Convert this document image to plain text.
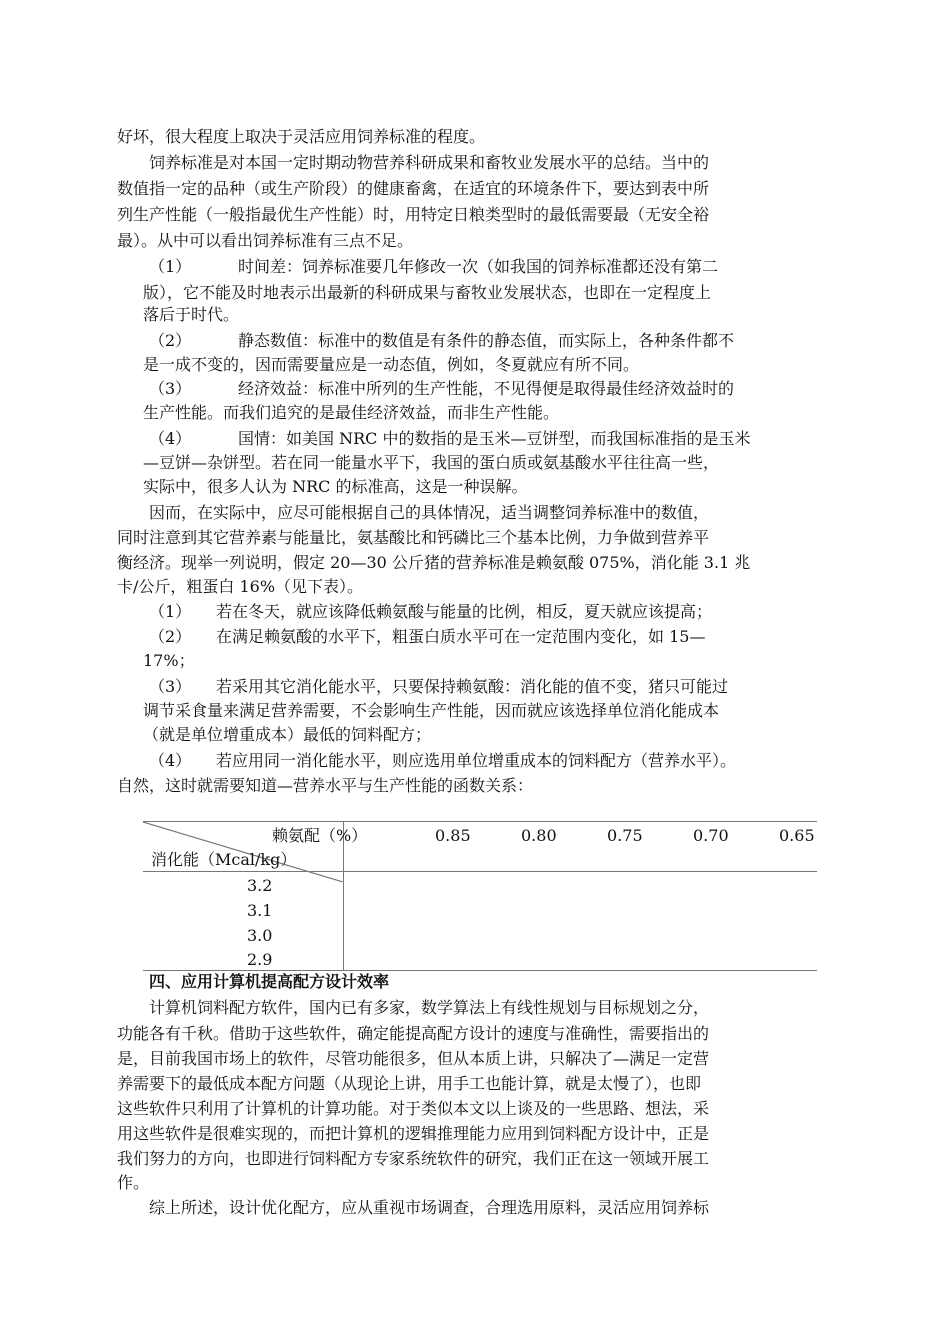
好坏，很大程度上取决于灵活应用饲养标准的程度。
饲养标准是对本国一定时期动物营养科研成果和畜牧业发展水平的总结。当中的
数值指一定的品种（或生产阶段）的健康畜禽，在适宜的环境条件下，要达到表中所
列生产性能（一般指最优生产性能）时，用特定日粮类型时的最低需要最（无安全裕
最）。从中可以看出饲养标准有三点不足。
（1）	时间差：饲养标准要几年修改一次（如我国的饲养标准都还没有第二
版），它不能及时地表示出最新的科研成果与畜牧业发展状态，也即在一定程度上
落后于时代。
（2）	静态数值：标准中的数值是有条件的静态值，而实际上，各种条件都不
是一成不变的，因而需要量应是一动态值，例如，冬夏就应有所不同。
（3）	经济效益：标准中所列的生产性能，不见得便是取得最佳经济效益时的
生产性能。而我们追究的是最佳经济效益，而非生产性能。
（4）	国情：如美国 NRC 中的数指的是玉米—豆饼型，而我国标准指的是玉米
—豆饼—杂饼型。若在同一能量水平下，我国的蛋白质或氨基酸水平往往高一些，
实际中，很多人认为 NRC 的标准高，这是一种误解。
因而，在实际中，应尽可能根据自己的具体情况，适当调整饲养标准中的数值，
同时注意到其它营养素与能量比，氨基酸比和钙磷比三个基本比例，力争做到营养平
衡经济。现举一列说明，假定 20—30 公斤猪的营养标准是赖氨酸 075%，消化能 3.1 兆
卡/公斤，粗蛋白 16%（见下表）。
（1） 若在冬天，就应该降低赖氨酸与能量的比例，相反，夏天就应该提高；
（2） 在满足赖氨酸的水平下，粗蛋白质水平可在一定范围内变化，如 15—
17%；
（3） 若采用其它消化能水平，只要保持赖氨酸：消化能的值不变，猪只可能过
调节采食量来满足营养需要，不会影响生产性能，因而就应该选择单位消化能成本
（就是单位增重成本）最低的饲料配方；
（4） 若应用同一消化能水平，则应选用单位增重成本的饲料配方（营养水平）。
自然，这时就需要知道—营养水平与生产性能的函数关系：
赖氨配（%）
消化能（Mcal/kg）
0.85	0.80	0.75	0.70	0.65
3.2
3.1
3.0
2.9
四、应用计算机提高配方设计效率
计算机饲料配方软件，国内已有多家，数学算法上有线性规划与目标规划之分，
功能各有千秋。借助于这些软件，确定能提高配方设计的速度与准确性，需要指出的
是，目前我国市场上的软件，尽管功能很多，但从本质上讲，只解决了—满足一定营
养需要下的最低成本配方问题（从现论上讲，用手工也能计算，就是太慢了），也即
这些软件只利用了计算机的计算功能。对于类似本文以上谈及的一些思路、想法，采
用这些软件是很难实现的，而把计算机的逻辑推理能力应用到饲料配方设计中，正是
我们努力的方向，也即进行饲料配方专家系统软件的研究，我们正在这一领域开展工
作。
综上所述，设计优化配方，应从重视市场调查，合理选用原料，灵活应用饲养标
